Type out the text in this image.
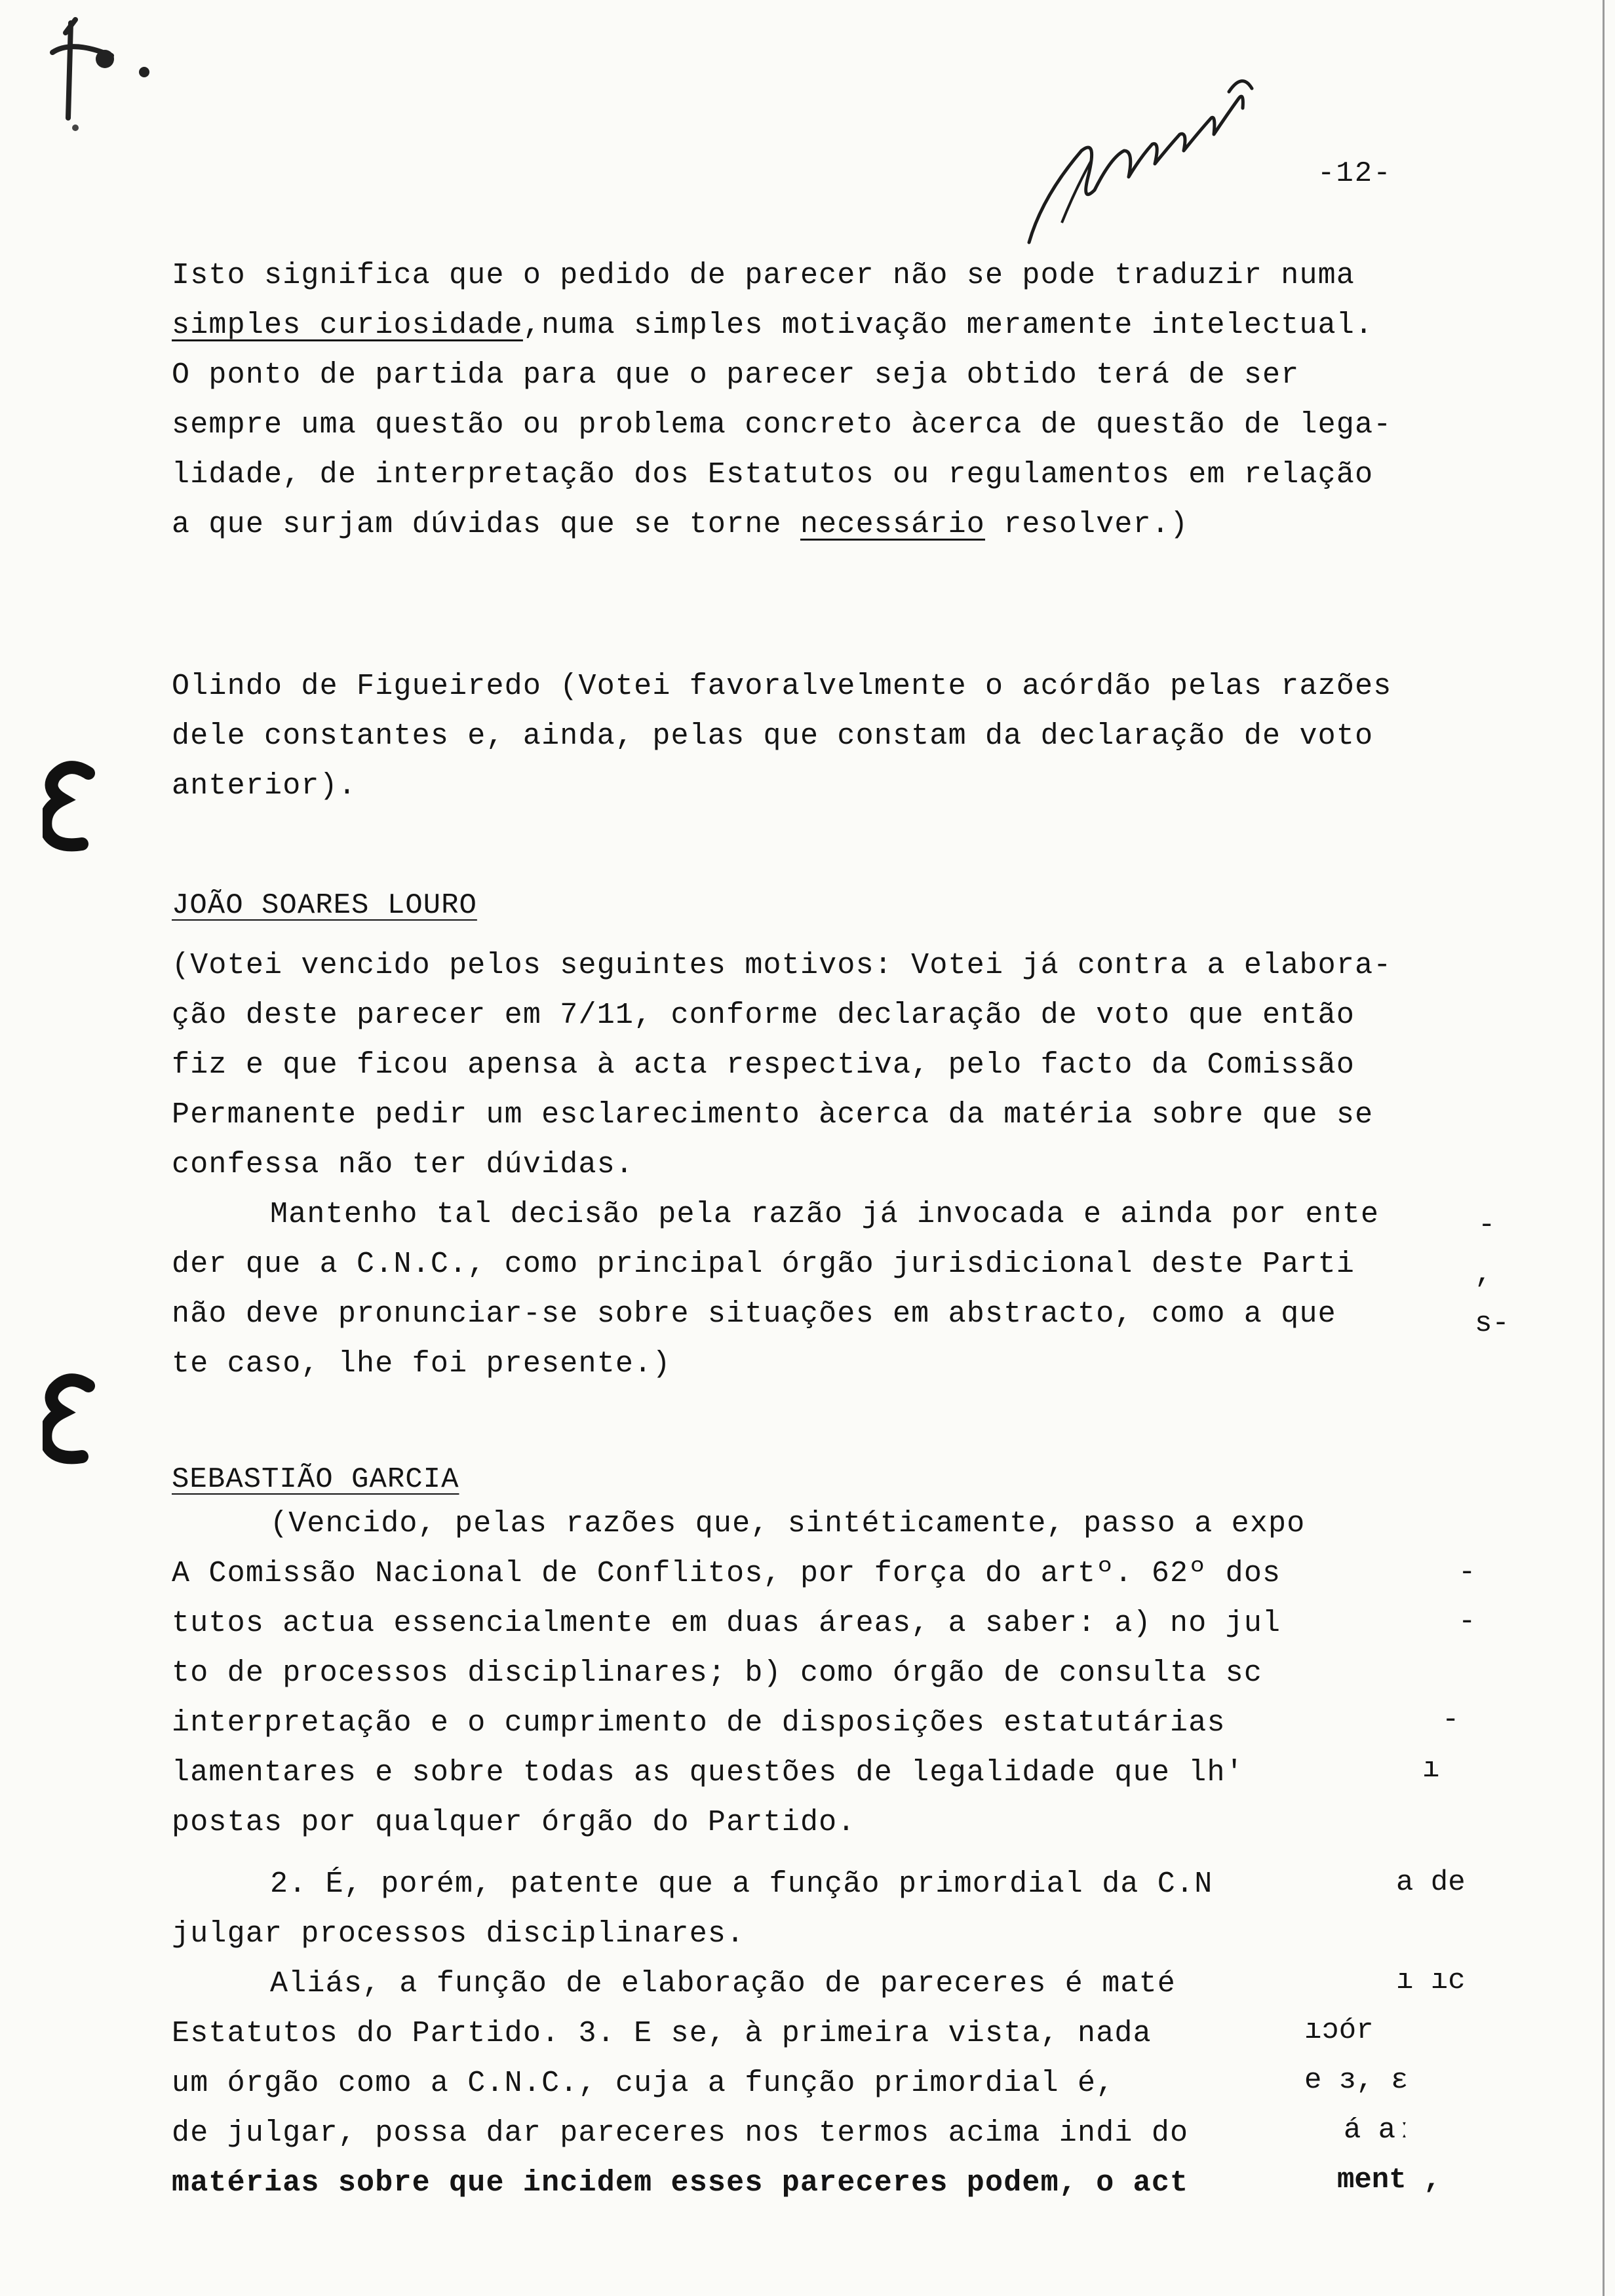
-12-
Isto significa que o pedido de parecer não se pode traduzir numa
simples curiosidade,numa simples motivação meramente intelectual.
O ponto de partida para que o parecer seja obtido terá de ser
sempre uma questão ou problema concreto àcerca de questão de lega-
lidade, de interpretação dos Estatutos ou regulamentos em relação
a que surjam dúvidas que se torne necessário resolver.)
Olindo de Figueiredo (Votei favoralvelmente o acórdão pelas razões
dele constantes e, ainda, pelas que constam da declaração de voto
anterior).
JOÃO SOARES LOURO
(Votei vencido pelos seguintes motivos: Votei já contra a elabora-
ção deste parecer em 7/11, conforme declaração de voto que então
fiz e que ficou apensa à acta respectiva, pelo facto da Comissão
Permanente pedir um esclarecimento àcerca da matéria sobre que se
confessa não ter dúvidas.
Mantenho tal decisão pela razão já invocada e ainda por ente
der que a C.N.C., como principal órgão jurisdicional deste Parti
não deve pronunciar-se sobre situações em abstracto, como a que
te caso, lhe foi presente.)
-
,
s-
SEBASTIÃO GARCIA
(Vencido, pelas razões que, sintéticamente, passo a expo
A Comissão Nacional de Conflitos, por força do artº. 62º dos
tutos actua essencialmente em duas áreas, a saber: a) no jul
to de processos disciplinares; b) como órgão de consulta sc
interpretação e o cumprimento de disposições estatutárias
lamentares e sobre todas as questões de legalidade que lh'
postas por qualquer órgão do Partido.
2. É, porém, patente que a função primordial da C.N
julgar processos disciplinares.
Aliás, a função de elaboração de pareceres é maté
Estatutos do Partido. 3. E se, à primeira vista, nada
um órgão como a C.N.C., cuja a função primordial é,
de julgar, possa dar pareceres nos termos acima indi do
matérias sobre que incidem esses pareceres podem, o act
-
-
-
ı
a de
ı ıc
ıɔór
e ɜ, ɛ
á aː
ment ,
